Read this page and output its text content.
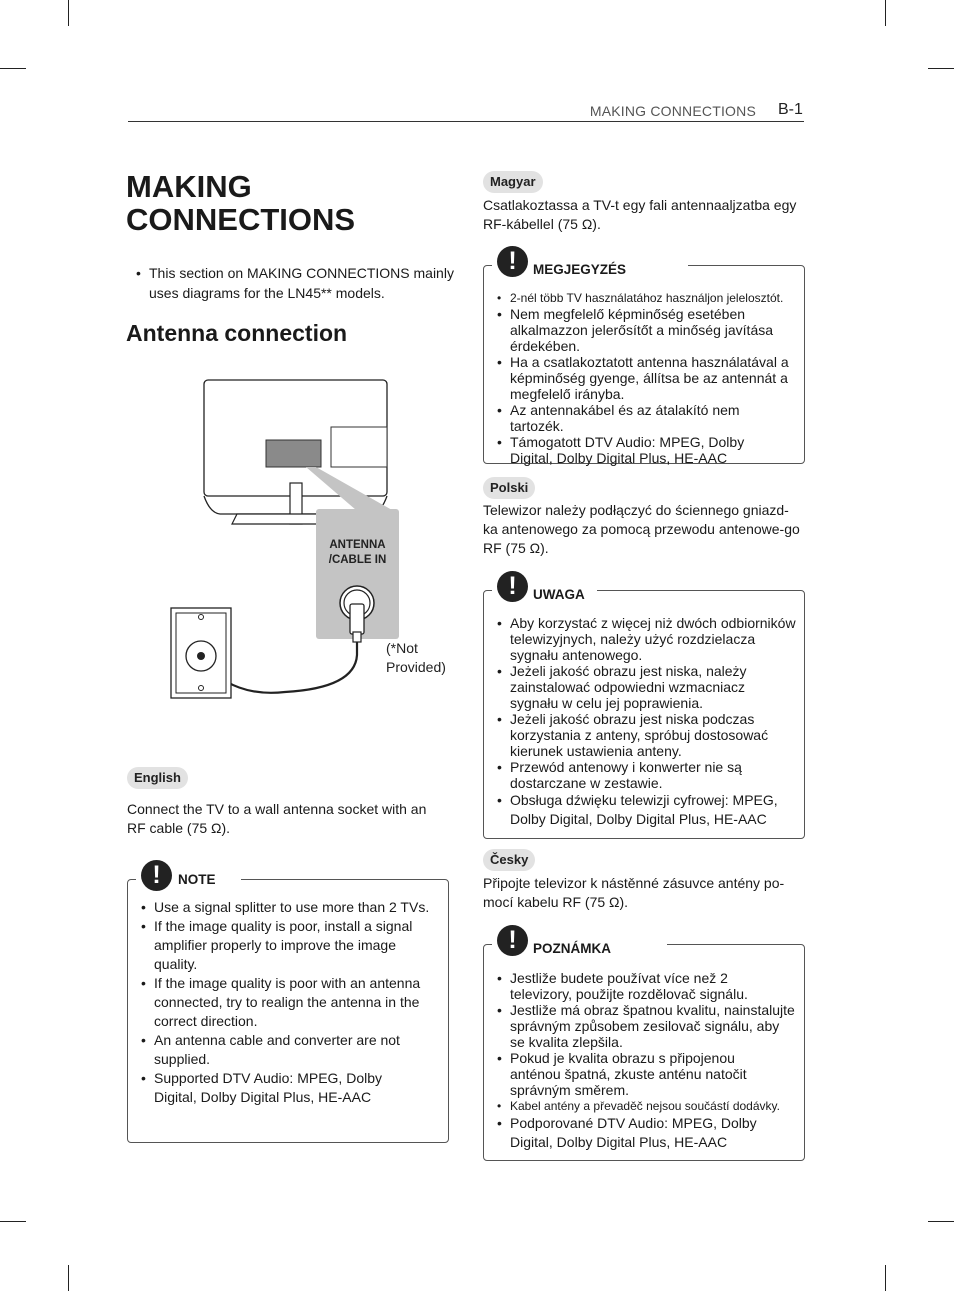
MAKING CONNECTIONS B-1
MAKING CONNECTIONS
• This section on MAKING CONNECTIONS mainly uses diagrams for the LN45** models.
Antenna connection
ANTENNA
/CABLE IN
(*Not
Provided)
English

Connect the TV to a wall antenna socket with an RF cable (75 Ω).

!	NOTE
• Use a signal splitter to use more than 2 TVs.
• If the image quality is poor, install a signal amplifier properly to improve the image quality.
• If the image quality is poor with an antenna connected, try to realign the antenna in the correct direction.
• An antenna cable and converter are not supplied.
• Supported DTV Audio: MPEG, Dolby Digital, Dolby Digital Plus, HE-AAC
Magyar

Csatlakoztassa a TV-t egy fali antennaaljzatba egy RF-kábellel (75 Ω).

!	MEGJEGYZÉS
• 2-nél több TV használatához használjon jelelosztót.
• Nem megfelelő képminőség esetében alkalmazzon jelerősítőt a minőség javítása érdekében.
• Ha a csatlakoztatott antenna használatával a képminőség gyenge, állítsa be az antennát a megfelelő irányba.
• Az antennakábel és az átalakító nem tartozék.
• Támogatott DTV Audio: MPEG, Dolby Digital, Dolby Digital Plus, HE-AAC
Polski

Telewizor należy podłączyć do ściennego gniazd-ka antenowego za pomocą przewodu antenowe-go RF (75 Ω).

!	UWAGA
• Aby korzystać z więcej niż dwóch odbiorników telewizyjnych, należy użyć rozdzielacza sygnału antenowego.
• Jeżeli jakość obrazu jest niska, należy zainstalować odpowiedni wzmacniacz sygnału w celu jej poprawienia.
• Jeżeli jakość obrazu jest niska podczas korzystania z anteny, spróbuj dostosować kierunek ustawienia anteny.
• Przewód antenowy i konwerter nie są dostarczane w zestawie.
• Obsługa dźwięku telewizji cyfrowej: MPEG, Dolby Digital, Dolby Digital Plus, HE-AAC
Česky

Připojte televizor k nástěnné zásuvce antény po-mocí kabelu RF (75 Ω).

!	POZNÁMKA
• Jestliže budete používat více než 2 televizory, použijte rozdělovač signálu.
• Jestliže má obraz špatnou kvalitu, nainstalujte správným způsobem zesilovač signálu, aby se kvalita zlepšila.
• Pokud je kvalita obrazu s připojenou anténou špatná, zkuste anténu natočit správným směrem.
• Kabel antény a převaděč nejsou součástí dodávky.
• Podporované DTV Audio: MPEG, Dolby Digital, Dolby Digital Plus, HE-AAC
